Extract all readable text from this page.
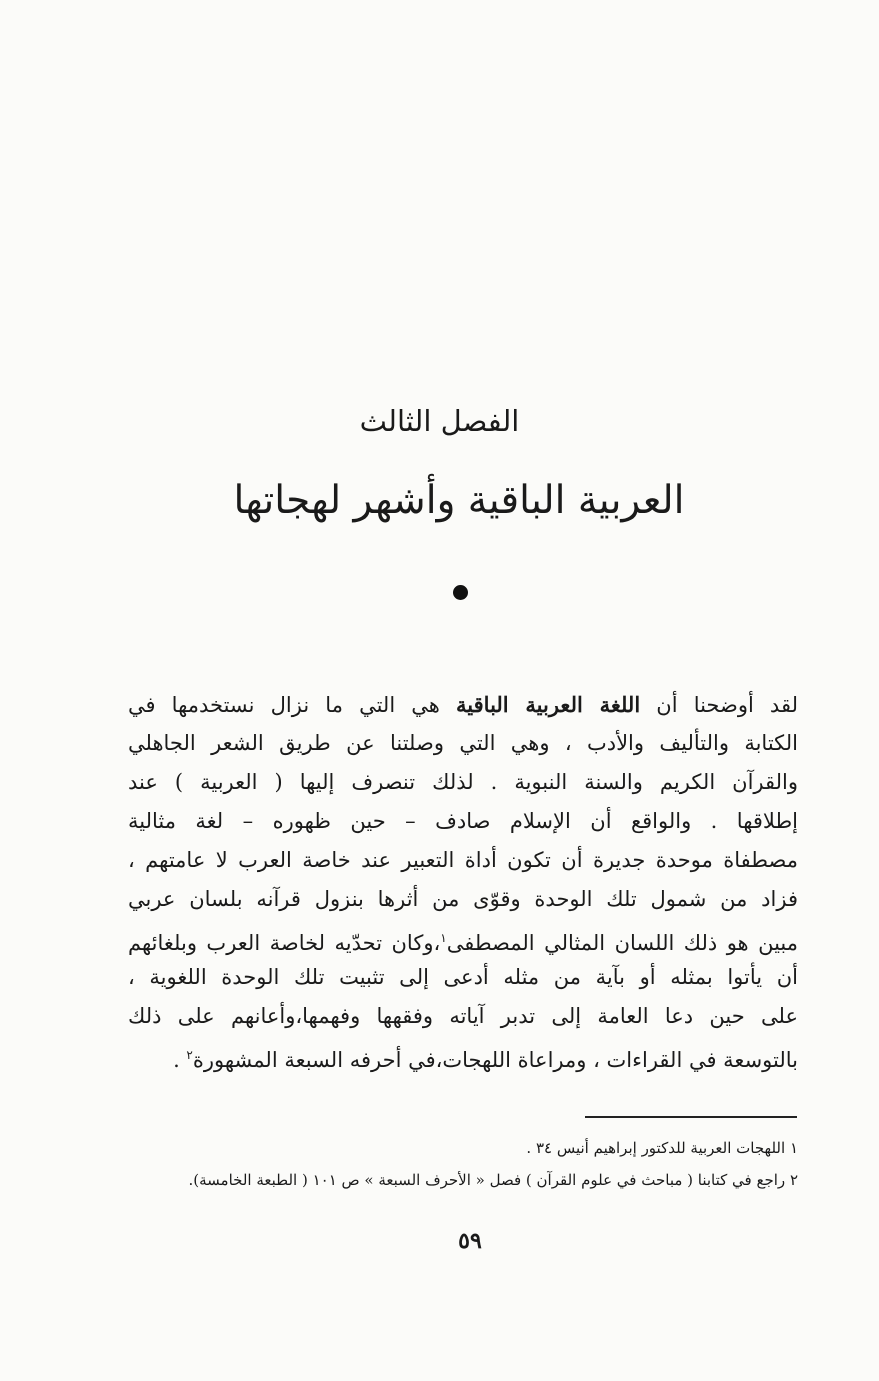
الفصل الثالث
العربية الباقية وأشهر لهجاتها
لقد أوضحنا أن اللغة العربية الباقية هي التي ما نزال نستخدمها في
الكتابة والتأليف والأدب ، وهي التي وصلتنا عن طريق الشعر الجاهلي
والقرآن الكريم والسنة النبوية . لذلك تنصرف إليها ( العربية ) عند
إطلاقها . والواقع أن الإسلام صادف – حين ظهوره – لغة مثالية
مصطفاة موحدة جديرة أن تكون أداة التعبير عند خاصة العرب لا عامتهم ،
فزاد من شمول تلك الوحدة وقوّى من أثرها بنزول قرآنه بلسان عربي
مبين هو ذلك اللسان المثالي المصطفى$^١$،وكان تحدّيه لخاصة العرب وبلغائهم
أن يأتوا بمثله أو بآية من مثله أدعى إلى تثبيت تلك الوحدة اللغوية ،
على حين دعا العامة إلى تدبر آياته وفقهها وفهمها،وأعانهم على ذلك
بالتوسعة في القراءات ، ومراعاة اللهجات،في أحرفه السبعة المشهورة$^٢$ .
١ اللهجات العربية للدكتور إبراهيم أنيس ٣٤ .
٢ راجع في كتابنا ( مباحث في علوم القرآن ) فصل « الأحرف السبعة » ص ١٠١ ( الطبعة الخامسة).
٥٩
